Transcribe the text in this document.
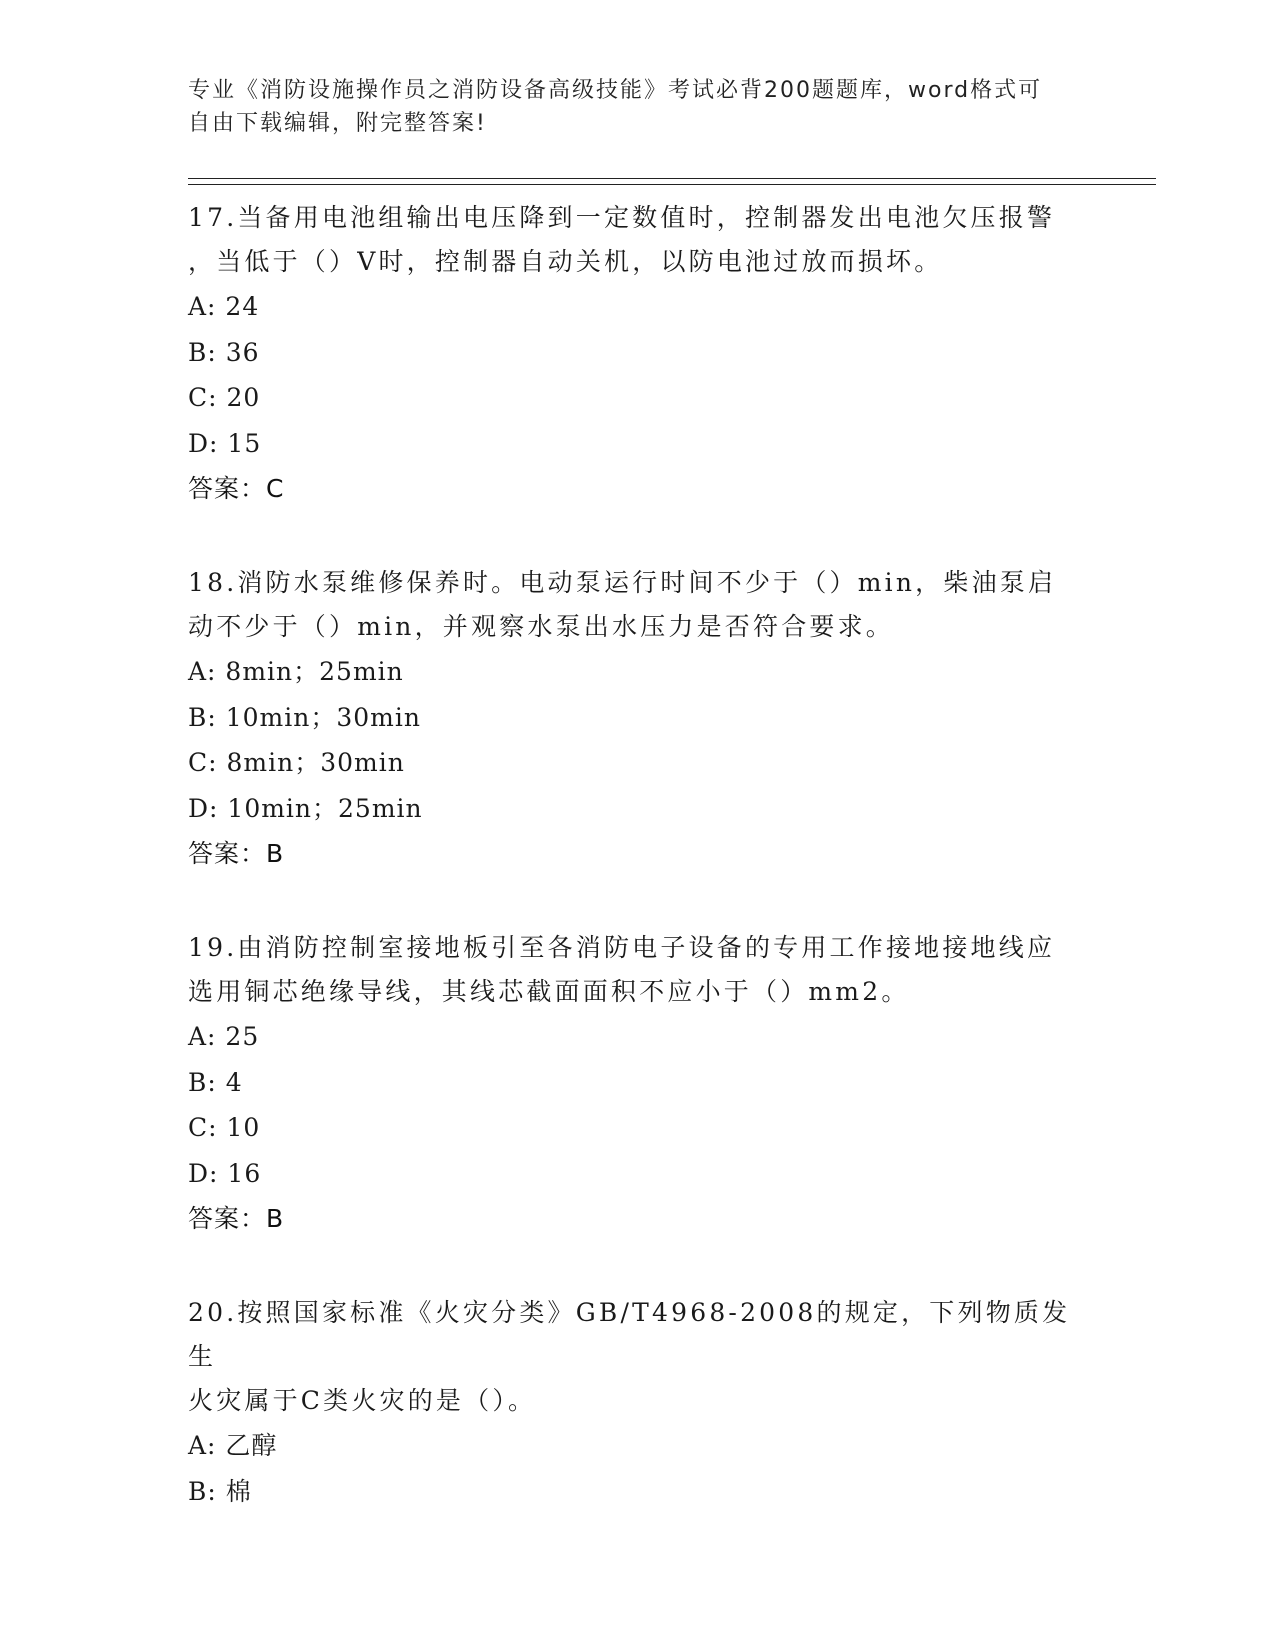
专业《消防设施操作员之消防设备高级技能》考试必背200题题库，word格式可
自由下载编辑，附完整答案!
17.当备用电池组输出电压降到一定数值时，控制器发出电池欠压报警
，当低于（）V时，控制器自动关机，以防电池过放而损坏。
A: 24
B: 36
C: 20
D: 15
答案：C
18.消防水泵维修保养时。电动泵运行时间不少于（）min，柴油泵启
动不少于（）min，并观察水泵出水压力是否符合要求。
A: 8min；25min
B: 10min；30min
C: 8min；30min
D: 10min；25min
答案：B
19.由消防控制室接地板引至各消防电子设备的专用工作接地接地线应
选用铜芯绝缘导线，其线芯截面面积不应小于（）mm2。
A: 25
B: 4
C: 10
D: 16
答案：B
20.按照国家标准《火灾分类》GB/T4968-2008的规定，下列物质发生
火灾属于C类火灾的是（）。
A: 乙醇
B: 棉
